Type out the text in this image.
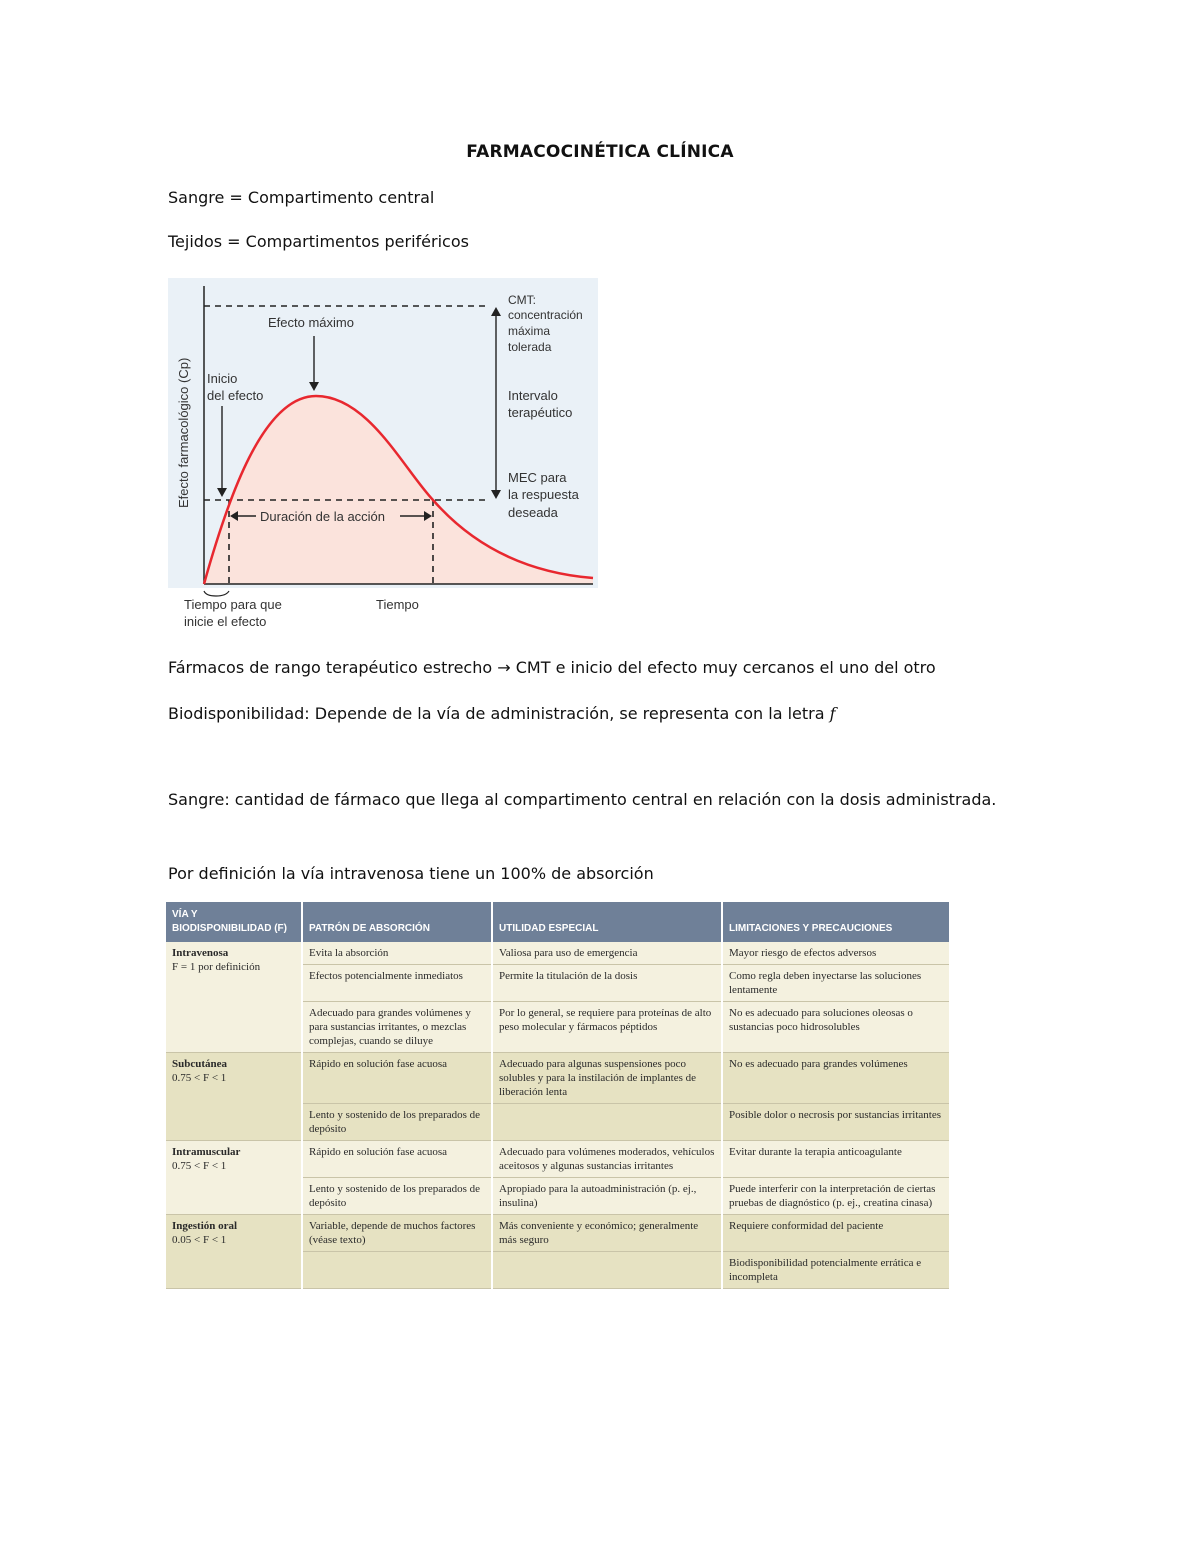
FARMACOCINÉTICA CLÍNICA

Sangre = Compartimento central

Tejidos = Compartimentos periféricos

Efecto farmacológico (Cp)
Efecto máximo
Inicio
del efecto
CMT:
concentración
máxima
tolerada
Intervalo
terapéutico
MEC para
la respuesta
deseada
Duración de la acción
Tiempo para que
inicie el efecto
Tiempo

Fármacos de rango terapéutico estrecho → CMT e inicio del efecto muy cercanos el uno del otro

Biodisponibilidad: Depende de la vía de administración, se representa con la letra f

Sangre: cantidad de fármaco que llega al compartimento central en relación con la dosis administrada.

Por definición la vía intravenosa tiene un 100% de absorción

VÍA Y BIODISPONIBILIDAD (F)	PATRÓN DE ABSORCIÓN	UTILIDAD ESPECIAL	LIMITACIONES Y PRECAUCIONES
Intravenosa
F = 1 por definición	Evita la absorción	Valiosa para uso de emergencia	Mayor riesgo de efectos adversos
	Efectos potencialmente inmediatos	Permite la titulación de la dosis	Como regla deben inyectarse las soluciones lentamente
	Adecuado para grandes volúmenes y para sustancias irritantes, o mezclas complejas, cuando se diluye	Por lo general, se requiere para proteínas de alto peso molecular y fármacos péptidos	No es adecuado para soluciones oleosas o sustancias poco hidrosolubles
Subcutánea
0.75 < F < 1	Rápido en solución fase acuosa	Adecuado para algunas suspensiones poco solubles y para la instilación de implantes de liberación lenta	No es adecuado para grandes volúmenes
	Lento y sostenido de los preparados de depósito		Posible dolor o necrosis por sustancias irritantes
Intramuscular
0.75 < F < 1	Rápido en solución fase acuosa	Adecuado para volúmenes moderados, vehículos aceitosos y algunas sustancias irritantes	Evitar durante la terapia anticoagulante
	Lento y sostenido de los preparados de depósito	Apropiado para la autoadministración (p. ej., insulina)	Puede interferir con la interpretación de ciertas pruebas de diagnóstico (p. ej., creatina cinasa)
Ingestión oral
0.05 < F < 1	Variable, depende de muchos factores (véase texto)	Más conveniente y económico; generalmente más seguro	Requiere conformidad del paciente
			Biodisponibilidad potencialmente errática e incompleta
